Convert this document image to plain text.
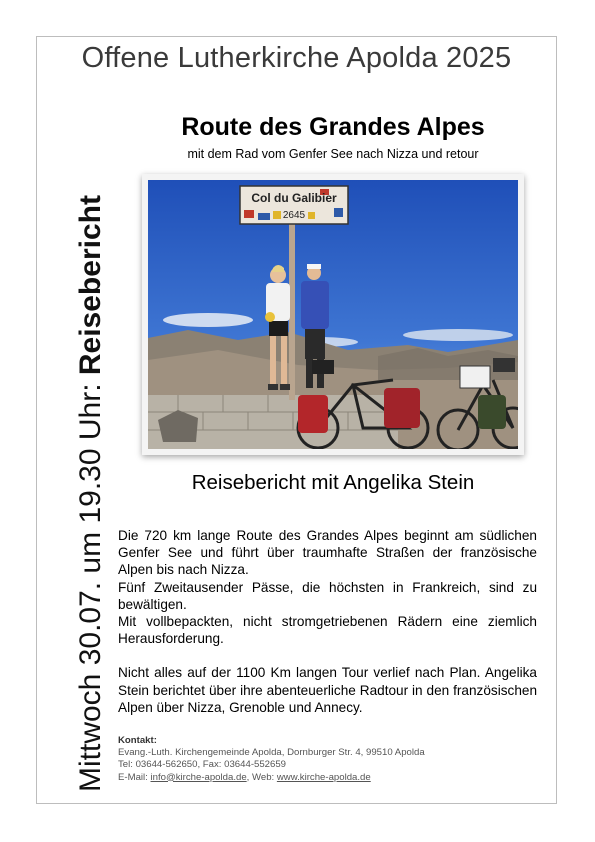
Offene Lutherkirche Apolda 2025
Mittwoch 30.07. um 19.30 Uhr: Reisebericht
Route des Grandes Alpes
mit dem Rad vom Genfer See nach Nizza und retour
Col du Galibier
2645
Reisebericht mit Angelika Stein

Die 720 km lange Route des Grandes Alpes beginnt am südlichen Genfer See und führt über traumhafte Straßen der französische Alpen bis nach Nizza.

Fünf Zweitausender Pässe, die höchsten in Frankreich, sind zu bewältigen.

Mit vollbepackten, nicht stromgetriebenen Rädern eine ziemlich Herausforderung.

Nicht alles auf der 1100 Km langen Tour verlief nach Plan. Angelika Stein berichtet über ihre abenteuerliche Radtour in den französischen Alpen über Nizza, Grenoble und Annecy.

Kontakt:
Evang.-Luth. Kirchengemeinde Apolda, Dornburger Str. 4, 99510 Apolda
Tel: 03644-562650, Fax: 03644-552659
E-Mail: info@kirche-apolda.de, Web: www.kirche-apolda.de
